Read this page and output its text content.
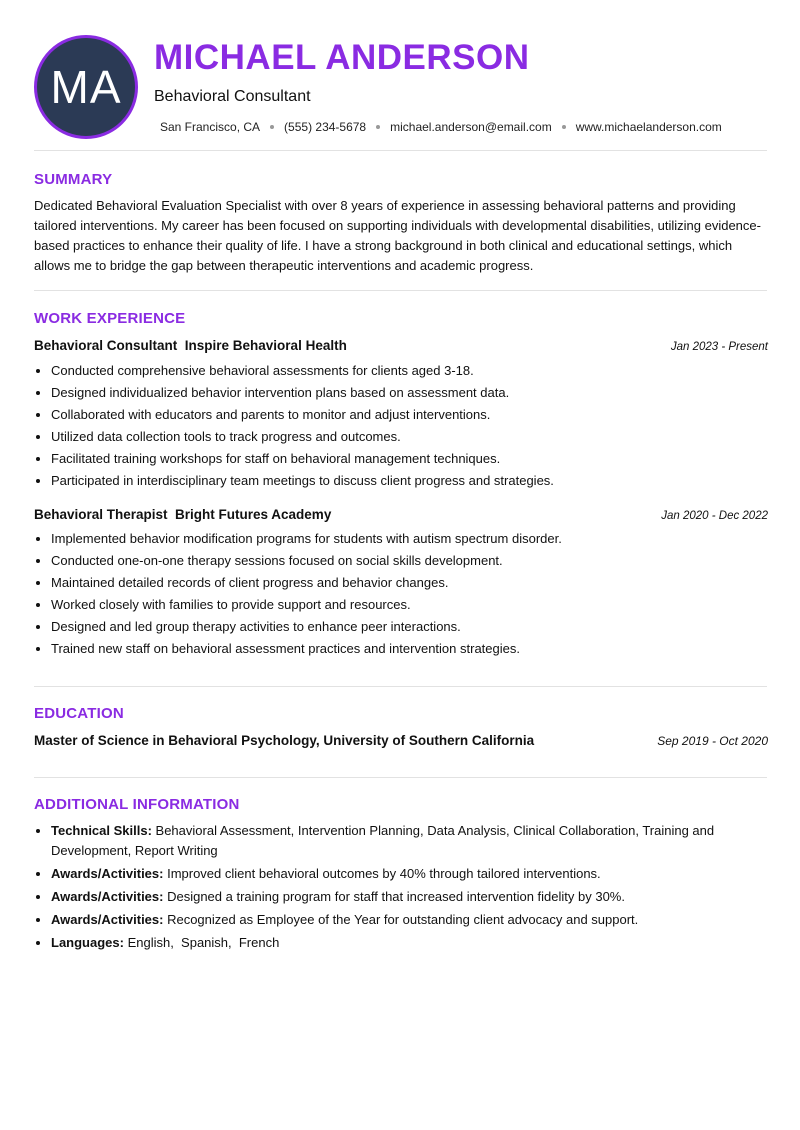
MA
MICHAEL ANDERSON
Behavioral Consultant
San Francisco, CA (555) 234-5678 michael.anderson@email.com www.michaelanderson.com
SUMMARY

Dedicated Behavioral Evaluation Specialist with over 8 years of experience in assessing behavioral patterns and providing tailored interventions. My career has been focused on supporting individuals with developmental disabilities, utilizing evidence-based practices to enhance their quality of life. I have a strong background in both clinical and educational settings, which allows me to bridge the gap between therapeutic interventions and academic progress.

WORK EXPERIENCE
Behavioral Consultant  Inspire Behavioral Health	Jan 2023 - Present
• Conducted comprehensive behavioral assessments for clients aged 3-18.
• Designed individualized behavior intervention plans based on assessment data.
• Collaborated with educators and parents to monitor and adjust interventions.
• Utilized data collection tools to track progress and outcomes.
• Facilitated training workshops for staff on behavioral management techniques.
• Participated in interdisciplinary team meetings to discuss client progress and strategies.
Behavioral Therapist  Bright Futures Academy	Jan 2020 - Dec 2022
• Implemented behavior modification programs for students with autism spectrum disorder.
• Conducted one-on-one therapy sessions focused on social skills development.
• Maintained detailed records of client progress and behavior changes.
• Worked closely with families to provide support and resources.
• Designed and led group therapy activities to enhance peer interactions.
• Trained new staff on behavioral assessment practices and intervention strategies.
EDUCATION
Master of Science in Behavioral Psychology, University of Southern California	Sep 2019 - Oct 2020
ADDITIONAL INFORMATION
• Technical Skills: Behavioral Assessment, Intervention Planning, Data Analysis, Clinical Collaboration, Training and Development, Report Writing
• Awards/Activities: Improved client behavioral outcomes by 40% through tailored interventions.
• Awards/Activities: Designed a training program for staff that increased intervention fidelity by 30%.
• Awards/Activities: Recognized as Employee of the Year for outstanding client advocacy and support.
• Languages: English,  Spanish,  French
